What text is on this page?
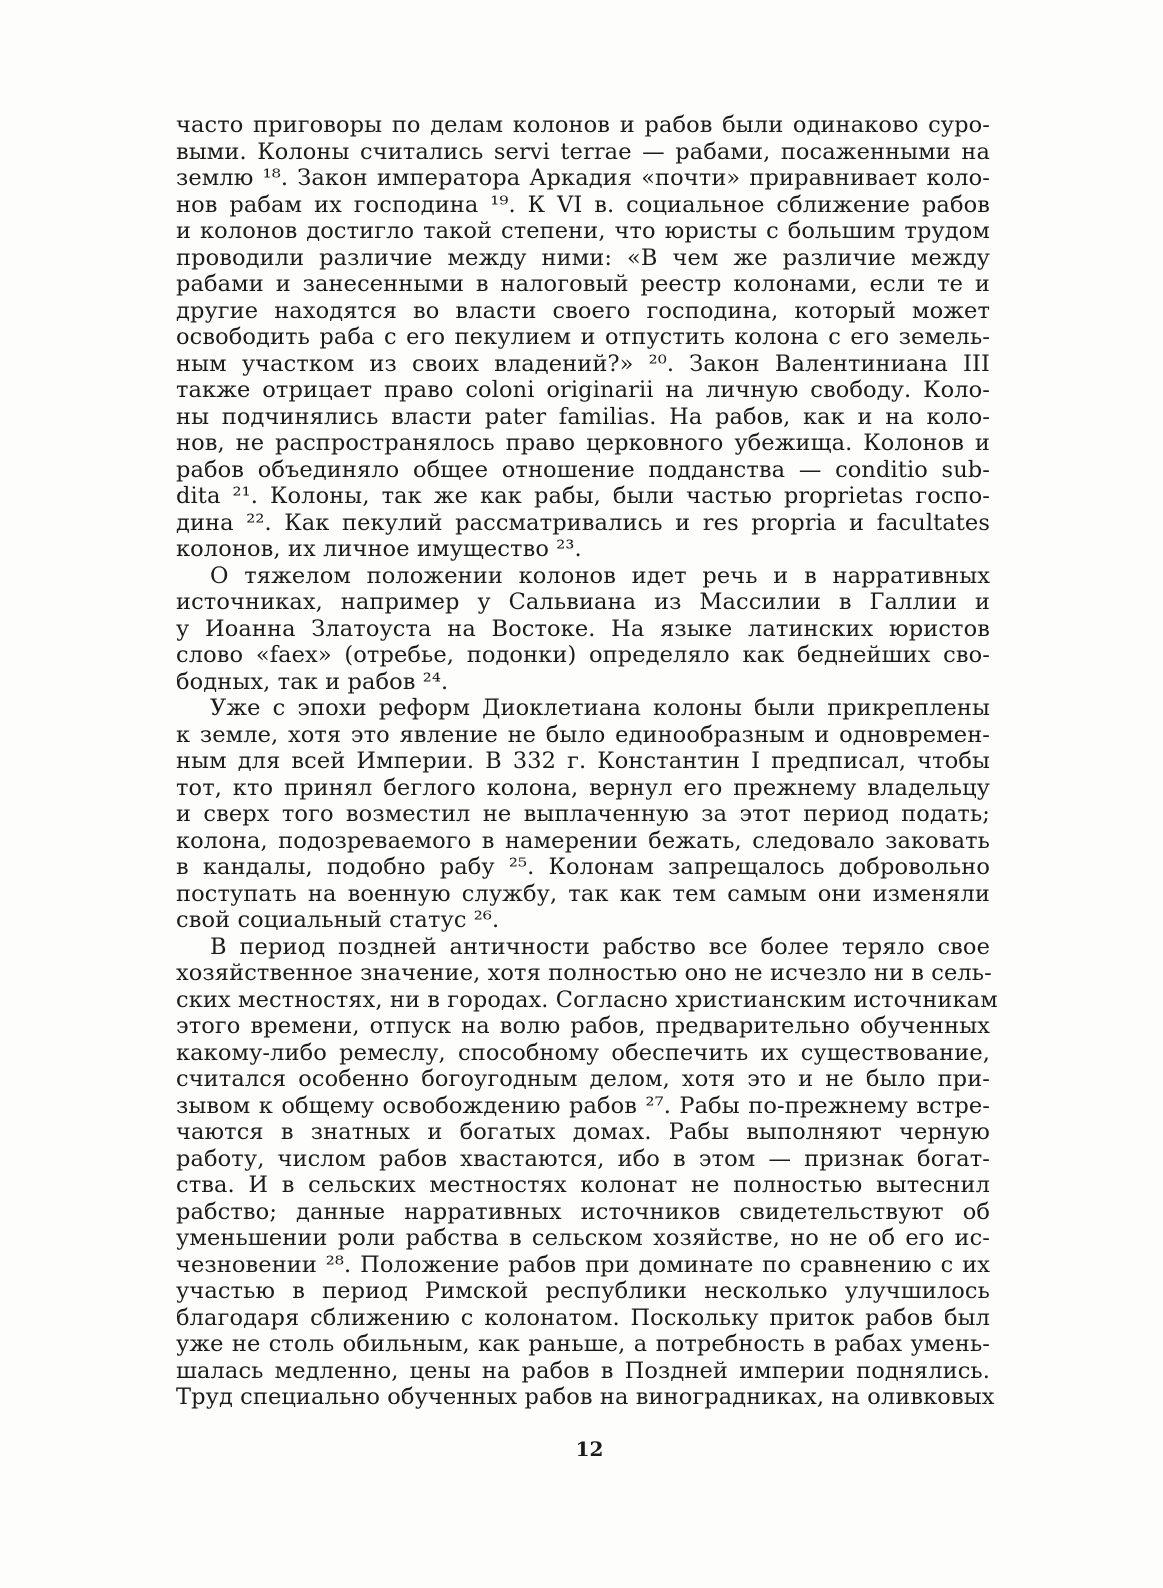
часто приговоры по делам колонов и рабов были одинаково суро-
выми. Колоны считались servi terrae — рабами, посаженными на
землю ¹⁸. Закон императора Аркадия «почти» приравнивает коло-
нов рабам их господина ¹⁹. К VI в. социальное сближение рабов
и колонов достигло такой степени, что юристы с большим трудом
проводили различие между ними: «В чем же различие между
рабами и занесенными в налоговый реестр колонами, если те и
другие находятся во власти своего господина, который может
освободить раба с его пекулием и отпустить колона с его земель-
ным участком из своих владений?» ²⁰. Закон Валентиниана III
также отрицает право coloni originarii на личную свободу. Коло-
ны подчинялись власти pater familias. На рабов, как и на коло-
нов, не распространялось право церковного убежища. Колонов и
рабов объединяло общее отношение подданства — conditio sub-
dita ²¹. Колоны, так же как рабы, были частью proprietas госпо-
дина ²². Как пекулий рассматривались и res propria и facultates
колонов, их личное имущество ²³.
О тяжелом положении колонов идет речь и в нарративных
источниках, например у Сальвиана из Массилии в Галлии и
у Иоанна Златоуста на Востоке. На языке латинских юристов
слово «faex» (отребье, подонки) определяло как беднейших сво-
бодных, так и рабов ²⁴.
Уже с эпохи реформ Диоклетиана колоны были прикреплены
к земле, хотя это явление не было единообразным и одновремен-
ным для всей Империи. В 332 г. Константин I предписал, чтобы
тот, кто принял беглого колона, вернул его прежнему владельцу
и сверх того возместил не выплаченную за этот период подать;
колона, подозреваемого в намерении бежать, следовало заковать
в кандалы, подобно рабу ²⁵. Колонам запрещалось добровольно
поступать на военную службу, так как тем самым они изменяли
свой социальный статус ²⁶.
В период поздней античности рабство все более теряло свое
хозяйственное значение, хотя полностью оно не исчезло ни в сель-
ских местностях, ни в городах. Согласно христианским источникам
этого времени, отпуск на волю рабов, предварительно обученных
какому-либо ремеслу, способному обеспечить их существование,
считался особенно богоугодным делом, хотя это и не было при-
зывом к общему освобождению рабов ²⁷. Рабы по-прежнему встре-
чаются в знатных и богатых домах. Рабы выполняют черную
работу, числом рабов хвастаются, ибо в этом — признак богат-
ства. И в сельских местностях колонат не полностью вытеснил
рабство; данные нарративных источников свидетельствуют об
уменьшении роли рабства в сельском хозяйстве, но не об его ис-
чезновении ²⁸. Положение рабов при доминате по сравнению с их
участью в период Римской республики несколько улучшилось
благодаря сближению с колонатом. Поскольку приток рабов был
уже не столь обильным, как раньше, а потребность в рабах умень-
шалась медленно, цены на рабов в Поздней империи поднялись.
Труд специально обученных рабов на виноградниках, на оливковых
12
